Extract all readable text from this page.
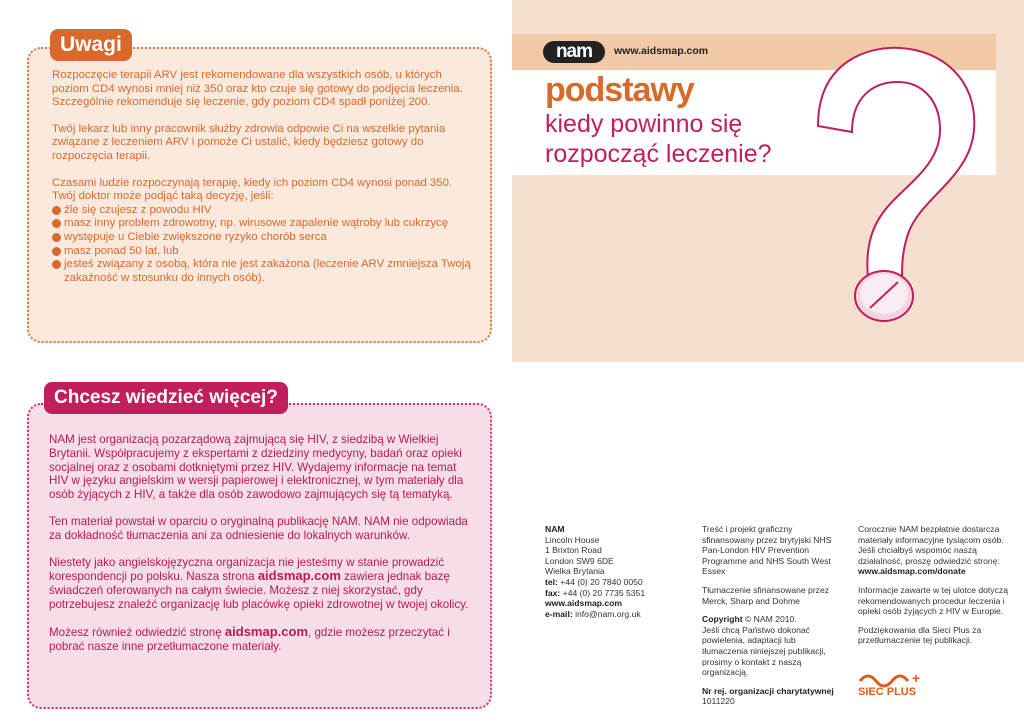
Rozpoczęcie terapii ARV jest rekomendowane dla wszystkich osób, u których poziom CD4 wynosi mniej niż 350 oraz kto czuje się gotowy do podjęcia leczenia. Szczególnie rekomenduje się leczenie, gdy poziom CD4 spadł poniżej 200.

Twój lekarz lub inny pracownik służby zdrowia odpowie Ci na wszelkie pytania związane z leczeniem ARV i pomoże Ci ustalić, kiedy będziesz gotowy do rozpoczęcia terapii.

Czasami ludzie rozpoczynają terapię, kiedy ich poziom CD4 wynosi ponad 350. Twój doktor może podjąć taką decyzję, jeśli:

źle się czujesz z powodu HIV
masz inny problem zdrowotny, np. wirusowe zapalenie wątroby lub cukrzycę
występuje u Ciebie zwiększone ryzyko chorób serca
masz ponad 50 lat, lub
jesteś związany z osobą, która nie jest zakażona (leczenie ARV zmniejsza Twoją zakaźność w stosunku do innych osób).
Uwagi

NAM jest organizacją pozarządową zajmującą się HIV, z siedzibą w Wielkiej Brytanii. Współpracujemy z ekspertami z dziedziny medycyny, badań oraz opieki socjalnej oraz z osobami dotkniętymi przez HIV. Wydajemy informacje na temat HIV w języku angielskim w wersji papierowej i elektronicznej, w tym materiały dla osób żyjących z HIV, a także dla osób zawodowo zajmujących się tą tematyką.

Ten materiał powstał w oparciu o oryginalną publikację NAM. NAM nie odpowiada za dokładność tłumaczenia ani za odniesienie do lokalnych warunków.

Niestety jako angielskojęzyczna organizacja nie jesteśmy w stanie prowadzić korespondencji po polsku. Nasza strona aidsmap.com zawiera jednak bazę świadczeń oferowanych na całym świecie. Możesz z niej skorzystać, gdy potrzebujesz znaleźć organizację lub placówkę opieki zdrowotnej w twojej okolicy.

Możesz również odwiedzić stronę aidsmap.com, gdzie możesz przeczytać i pobrać nasze inne przetłumaczone materiały.

Chcesz wiedzieć więcej?
nam	www.aidsmap.com
podstawy
kiedy powinno się
rozpocząć leczenie?
NAM
Lincoln House
1 Brixton Road
London SW9 6DE
Wielka Brytania
tel: +44 (0) 20 7840 0050
fax: +44 (0) 20 7735 5351
www.aidsmap.com
e-mail: info@nam.org.uk

Treść i projekt graficzny sfinansowany przez brytyjski NHS Pan-London HIV Prevention Programme and NHS South West Essex

Tłumaczenie sfinansowane przez Merck, Sharp and Dohme

Copyright © NAM 2010.

Jeśli chcą Państwo dokonać powielenia, adaptacji lub tłumaczenia niniejszej publikacji, prosimy o kontakt z naszą organizacją.

Nr rej. organizacji charytatywnej
1011220

Corocznie NAM bezpłatnie dostarcza materiały informacyjne tysiącom osób. Jeśli chciałbyś wspomóc naszą działalność, proszę odwiedzić stronę:

www.aidsmap.com/donate

Informacje zawarte w tej ulotce dotyczą rekomendowanych procedur leczenia i opieki osób żyjących z HIV w Europie.

Podziękowania dla Sieci Plus za przetłumaczenie tej publikacji.

+
SIEĆ PLUS
